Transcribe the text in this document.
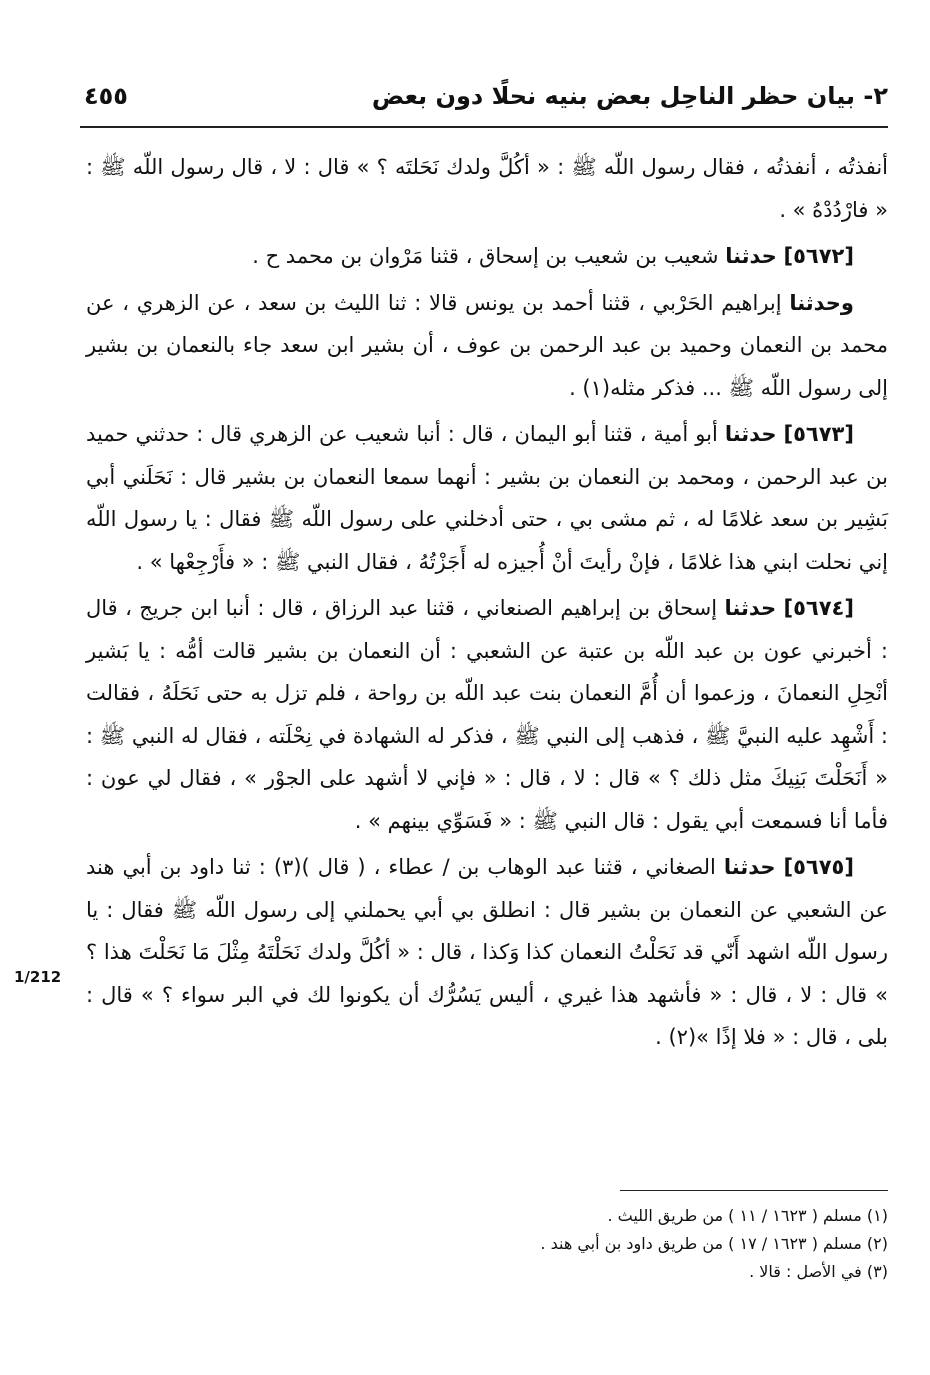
٢- بيان حظر الناحِل بعض بنيه نحلًا دون بعض
٤٥٥
1/212

أنفذتُه ، أنفذتُه ، فقال رسول اللّه ﷺ : « أكُلَّ ولدك نَحَلتَه ؟ » قال : لا ، قال رسول اللّه ﷺ : « فارْدُدْهُ » .

[٥٦٧٢] حدثنا شعيب بن شعيب بن إسحاق ، قثنا مَرْوان بن محمد ح .

وحدثنا إبراهيم الحَرْبي ، قثنا أحمد بن يونس قالا : ثنا الليث بن سعد ، عن الزهري ، عن محمد بن النعمان وحميد بن عبد الرحمن بن عوف ، أن بشير ابن سعد جاء بالنعمان بن بشير إلى رسول اللّه ﷺ ... فذكر مثله(١) .

[٥٦٧٣] حدثنا أبو أمية ، قثنا أبو اليمان ، قال : أنبا شعيب عن الزهري قال : حدثني حميد بن عبد الرحمن ، ومحمد بن النعمان بن بشير : أنهما سمعا النعمان بن بشير قال : نَحَلَني أبي بَشِير بن سعد غلامًا له ، ثم مشى بي ، حتى أدخلني على رسول اللّه ﷺ فقال : يا رسول اللّه إني نحلت ابني هذا غلامًا ، فإنْ رأيتَ أنْ أُجيزه له أَجَزْتُهُ ، فقال النبي ﷺ : « فأَرْجِعْها » .

[٥٦٧٤] حدثنا إسحاق بن إبراهيم الصنعاني ، قثنا عبد الرزاق ، قال : أنبا ابن جريج ، قال : أخبرني عون بن عبد اللّه بن عتبة عن الشعبي : أن النعمان بن بشير قالت أمُّه : يا بَشير أنْحِلِ النعمانَ ، وزعموا أن أُمَّ النعمان بنت عبد اللّه بن رواحة ، فلم تزل به حتى نَحَلَهُ ، فقالت : أَشْهِد عليه النبيَّ ﷺ ، فذهب إلى النبي ﷺ ، فذكر له الشهادة في نِحْلَته ، فقال له النبي ﷺ : « أَنَحَلْتَ بَنِيكَ مثل ذلك ؟ » قال : لا ، قال : « فإني لا أشهد على الجوْر » ، فقال لي عون : فأما أنا فسمعت أبي يقول : قال النبي ﷺ : « فَسَوِّي بينهم » .

[٥٦٧٥] حدثنا الصغاني ، قثنا عبد الوهاب بن / عطاء ، ( قال )(٣) : ثنا داود بن أبي هند عن الشعبي عن النعمان بن بشير قال : انطلق بي أبي يحملني إلى رسول اللّه ﷺ فقال : يا رسول اللّه اشهد أَنّي قد نَحَلْتُ النعمان كذا وَكذا ، قال : « أكُلَّ ولدك نَحَلْتَهُ مِثْلَ مَا نَحَلْتَ هذا ؟ » قال : لا ، قال : « فأشهد هذا غيري ، أليس يَسُرُّك أن يكونوا لك في البر سواء ؟ » قال : بلى ، قال : « فلا إذًا »(٢) .

(١) مسلم ( ١٦٢٣ / ١١ ) من طريق الليث .

(٢) مسلم ( ١٦٢٣ / ١٧ ) من طريق داود بن أبي هند .

(٣) في الأصل : قالا .
